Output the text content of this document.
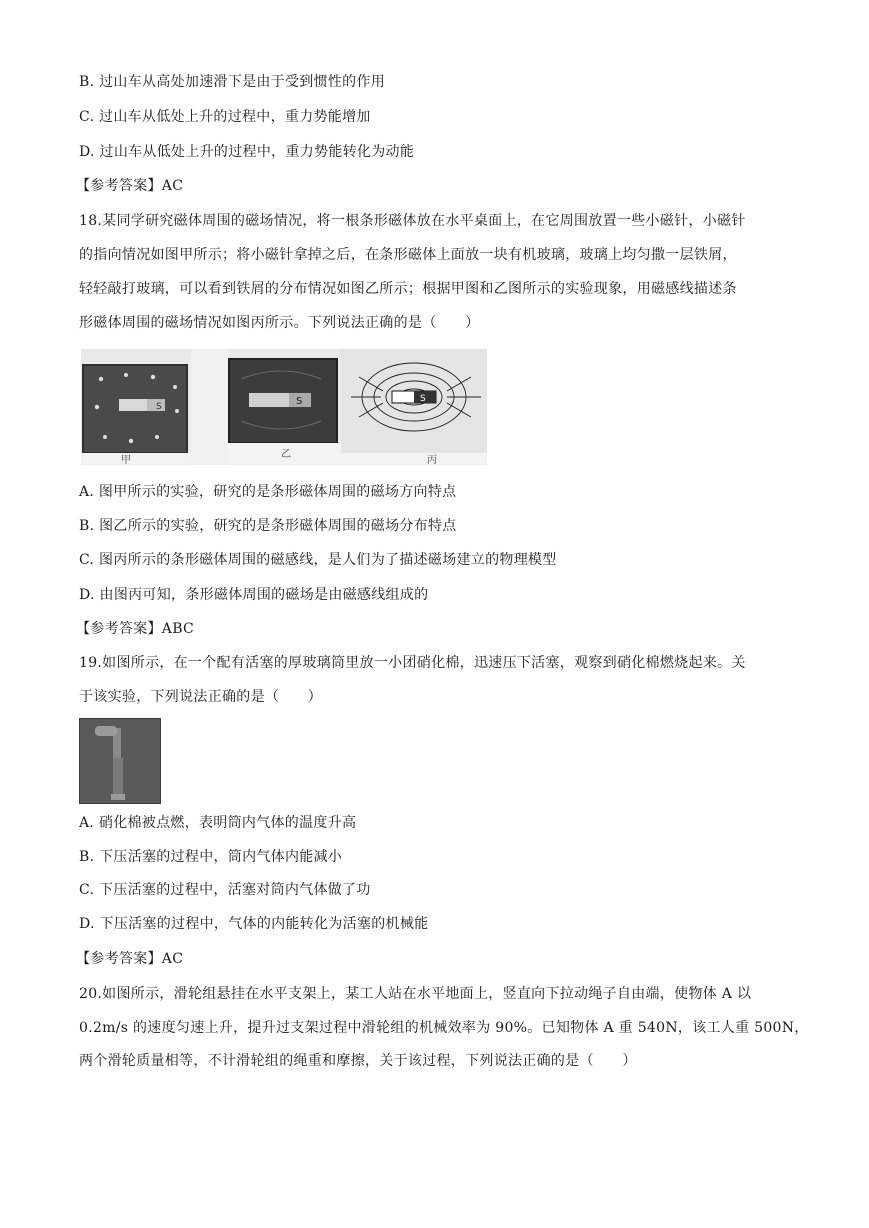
B. 过山车从高处加速滑下是由于受到惯性的作用
C. 过山车从低处上升的过程中，重力势能增加
D. 过山车从低处上升的过程中，重力势能转化为动能
【参考答案】AC
18.某同学研究磁体周围的磁场情况，将一根条形磁体放在水平桌面上，在它周围放置一些小磁针，小磁针
的指向情况如图甲所示；将小磁针拿掉之后，在条形磁体上面放一块有机玻璃，玻璃上均匀撒一层铁屑，
轻轻敲打玻璃，可以看到铁屑的分布情况如图乙所示；根据甲图和乙图所示的实验现象，用磁感线描述条
形磁体周围的磁场情况如图丙所示。下列说法正确的是（　　）
S
甲
S
乙
S
丙
A. 图甲所示的实验，研究的是条形磁体周围的磁场方向特点
B. 图乙所示的实验，研究的是条形磁体周围的磁场分布特点
C. 图丙所示的条形磁体周围的磁感线，是人们为了描述磁场建立的物理模型
D. 由图丙可知，条形磁体周围的磁场是由磁感线组成的
【参考答案】ABC
19.如图所示，在一个配有活塞的厚玻璃筒里放一小团硝化棉，迅速压下活塞，观察到硝化棉燃烧起来。关
于该实验，下列说法正确的是（　　）
A. 硝化棉被点燃，表明筒内气体的温度升高
B. 下压活塞的过程中，筒内气体内能减小
C. 下压活塞的过程中，活塞对筒内气体做了功
D. 下压活塞的过程中，气体的内能转化为活塞的机械能
【参考答案】AC
20.如图所示，滑轮组悬挂在水平支架上，某工人站在水平地面上，竖直向下拉动绳子自由端，使物体 A 以
0.2m/s 的速度匀速上升，提升过支架过程中滑轮组的机械效率为 90%。已知物体 A 重 540N，该工人重 500N，
两个滑轮质量相等，不计滑轮组的绳重和摩擦，关于该过程，下列说法正确的是（　　）
